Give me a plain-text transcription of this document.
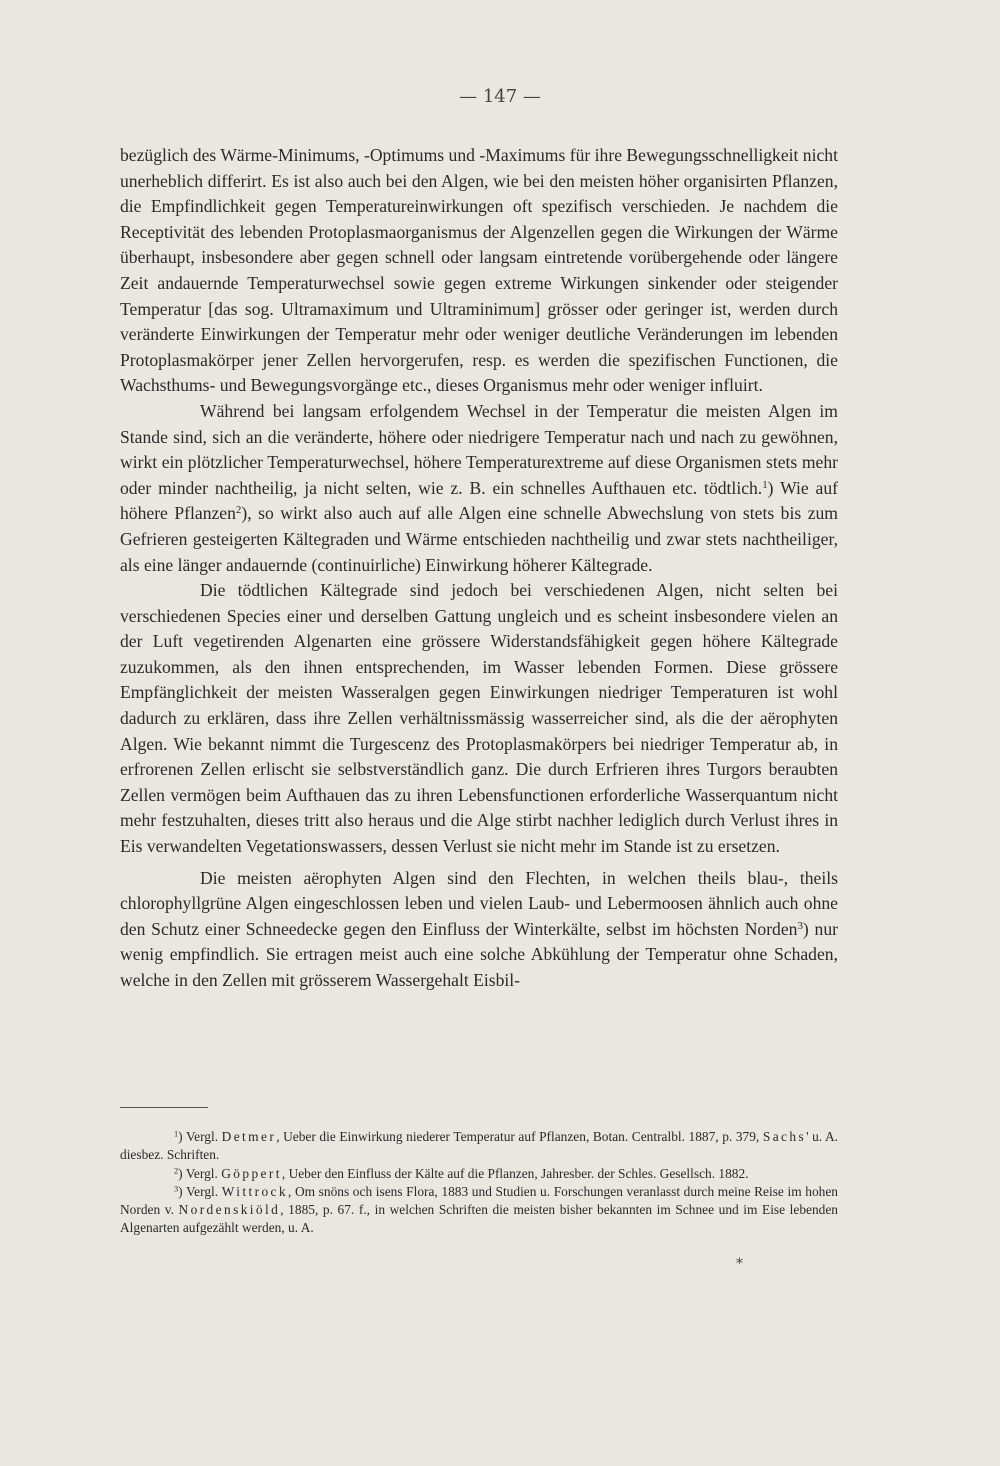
— 147 —

bezüglich des Wärme-Minimums, -Optimums und -Maximums für ihre Bewegungsschnelligkeit nicht unerheblich differirt. Es ist also auch bei den Algen, wie bei den meisten höher organisirten Pflanzen, die Empfindlichkeit gegen Temperatureinwirkungen oft spezifisch verschieden. Je nachdem die Receptivität des lebenden Protoplasmaorganismus der Algenzellen gegen die Wirkungen der Wärme überhaupt, insbesondere aber gegen schnell oder langsam eintretende vorübergehende oder längere Zeit andauernde Temperaturwechsel sowie gegen extreme Wirkungen sinkender oder steigender Temperatur [das sog. Ultramaximum und Ultraminimum] grösser oder geringer ist, werden durch veränderte Einwirkungen der Temperatur mehr oder weniger deutliche Veränderungen im lebenden Protoplasmakörper jener Zellen hervorgerufen, resp. es werden die spezifischen Functionen, die Wachsthums- und Bewegungsvorgänge etc., dieses Organismus mehr oder weniger influirt.

Während bei langsam erfolgendem Wechsel in der Temperatur die meisten Algen im Stande sind, sich an die veränderte, höhere oder niedrigere Temperatur nach und nach zu gewöhnen, wirkt ein plötzlicher Temperaturwechsel, höhere Temperaturextreme auf diese Organismen stets mehr oder minder nachtheilig, ja nicht selten, wie z. B. ein schnelles Aufthauen etc. tödtlich.$^1$) Wie auf höhere Pflanzen$^2$), so wirkt also auch auf alle Algen eine schnelle Abwechslung von stets bis zum Gefrieren gesteigerten Kältegraden und Wärme entschieden nachtheilig und zwar stets nachtheiliger, als eine länger andauernde (continuirliche) Einwirkung höherer Kältegrade.

Die tödtlichen Kältegrade sind jedoch bei verschiedenen Algen, nicht selten bei verschiedenen Species einer und derselben Gattung ungleich und es scheint insbesondere vielen an der Luft vegetirenden Algenarten eine grössere Widerstandsfähigkeit gegen höhere Kältegrade zuzukommen, als den ihnen entsprechenden, im Wasser lebenden Formen. Diese grössere Empfänglichkeit der meisten Wasseralgen gegen Einwirkungen niedriger Temperaturen ist wohl dadurch zu erklären, dass ihre Zellen verhältnissmässig wasserreicher sind, als die der aërophyten Algen. Wie bekannt nimmt die Turgescenz des Protoplasmakörpers bei niedriger Temperatur ab, in erfrorenen Zellen erlischt sie selbstverständlich ganz. Die durch Erfrieren ihres Turgors beraubten Zellen vermögen beim Aufthauen das zu ihren Lebensfunctionen erforderliche Wasserquantum nicht mehr festzuhalten, dieses tritt also heraus und die Alge stirbt nachher lediglich durch Verlust ihres in Eis verwandelten Vegetationswassers, dessen Verlust sie nicht mehr im Stande ist zu ersetzen.

Die meisten aërophyten Algen sind den Flechten, in welchen theils blau-, theils chlorophyllgrüne Algen eingeschlossen leben und vielen Laub- und Lebermoosen ähnlich auch ohne den Schutz einer Schneedecke gegen den Einfluss der Winterkälte, selbst im höchsten Norden$^3$) nur wenig empfindlich. Sie ertragen meist auch eine solche Abkühlung der Temperatur ohne Schaden, welche in den Zellen mit grösserem Wassergehalt Eisbil-

$^1$) Vergl. Detmer, Ueber die Einwirkung niederer Temperatur auf Pflanzen, Botan. Centralbl. 1887, p. 379, Sachs' u. A. diesbez. Schriften.

$^2$) Vergl. Göppert, Ueber den Einfluss der Kälte auf die Pflanzen, Jahresber. der Schles. Gesellsch. 1882.

$^3$) Vergl. Wittrock, Om snöns och isens Flora, 1883 und Studien u. Forschungen veranlasst durch meine Reise im hohen Norden v. Nordenskiöld, 1885, p. 67. f., in welchen Schriften die meisten bisher bekannten im Schnee und im Eise lebenden Algenarten aufgezählt werden, u. A.

*
